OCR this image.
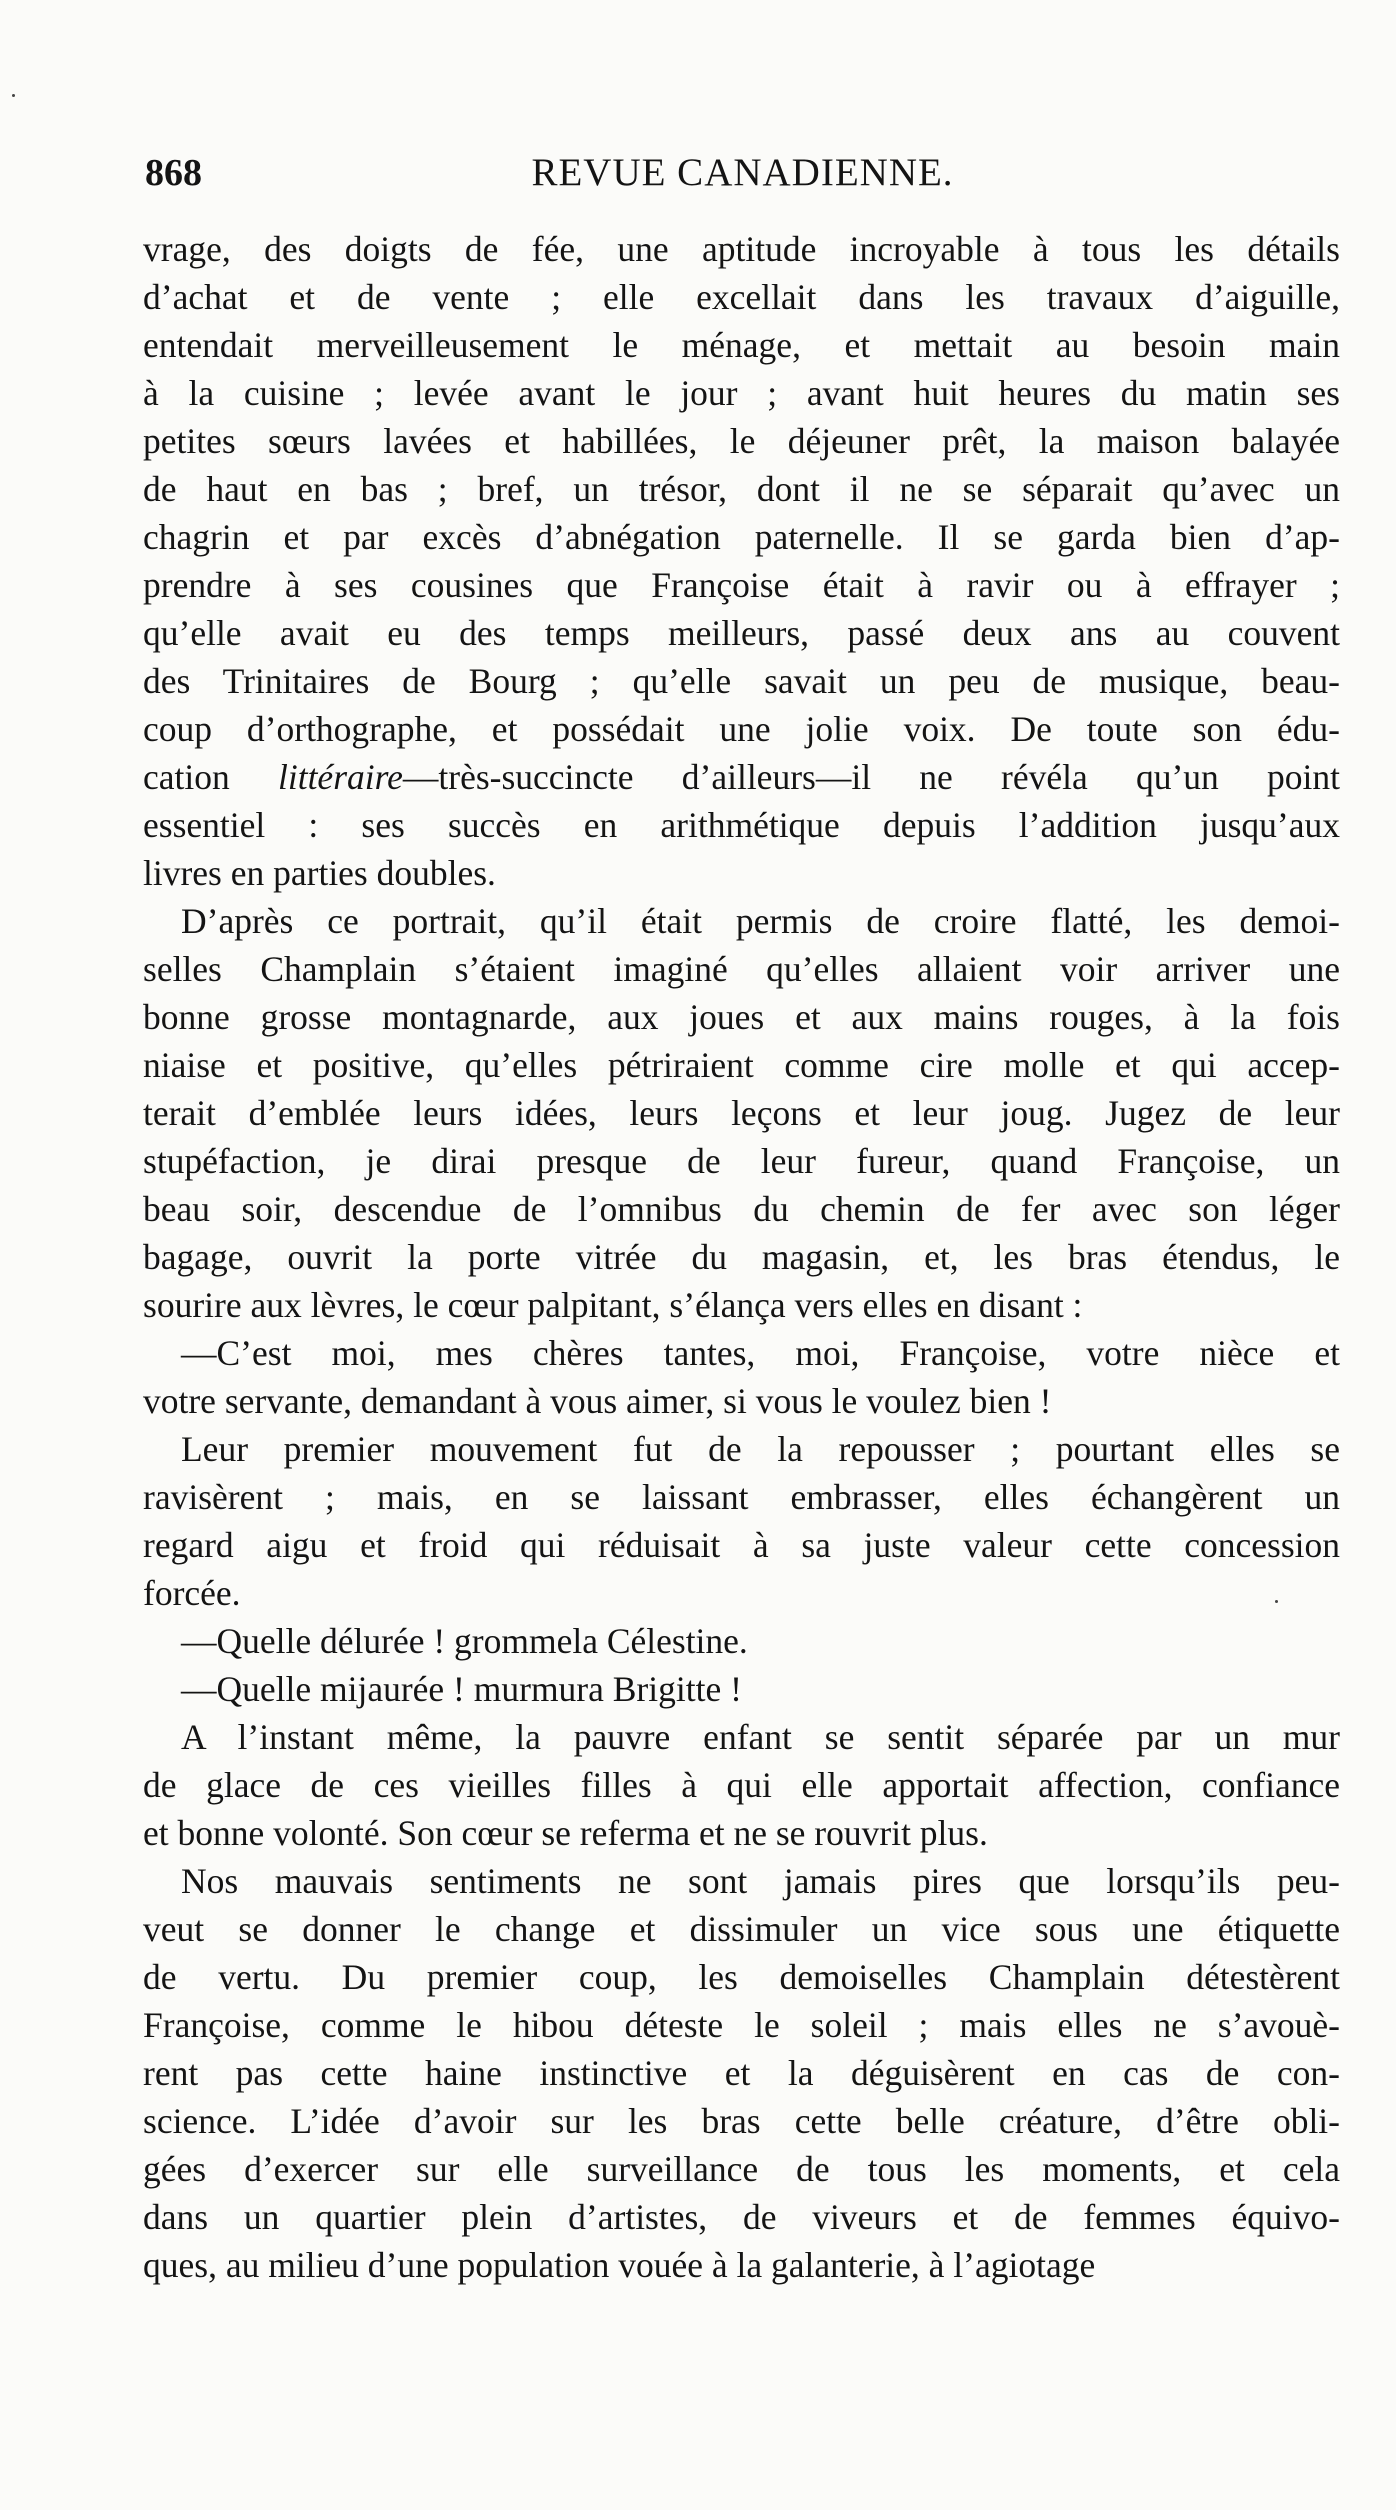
868	REVUE CANADIENNE.
vrage, des doigts de fée, une aptitude incroyable à tous les détails
d’achat et de vente ; elle excellait dans les travaux d’aiguille,
entendait merveilleusement le ménage, et mettait au besoin main
à la cuisine ; levée avant le jour ; avant huit heures du matin ses
petites sœurs lavées et habillées, le déjeuner prêt, la maison balayée
de haut en bas ; bref, un trésor, dont il ne se séparait qu’avec un
chagrin et par excès d’abnégation paternelle. Il se garda bien d’ap-
prendre à ses cousines que Françoise était à ravir ou à effrayer ;
qu’elle avait eu des temps meilleurs, passé deux ans au couvent
des Trinitaires de Bourg ; qu’elle savait un peu de musique, beau-
coup d’orthographe, et possédait une jolie voix. De toute son édu-
cation littéraire—très-succincte d’ailleurs—il ne révéla qu’un point
essentiel : ses succès en arithmétique depuis l’addition jusqu’aux
livres en parties doubles.
D’après ce portrait, qu’il était permis de croire flatté, les demoi-
selles Champlain s’étaient imaginé qu’elles allaient voir arriver une
bonne grosse montagnarde, aux joues et aux mains rouges, à la fois
niaise et positive, qu’elles pétriraient comme cire molle et qui accep-
terait d’emblée leurs idées, leurs leçons et leur joug. Jugez de leur
stupéfaction, je dirai presque de leur fureur, quand Françoise, un
beau soir, descendue de l’omnibus du chemin de fer avec son léger
bagage, ouvrit la porte vitrée du magasin, et, les bras étendus, le
sourire aux lèvres, le cœur palpitant, s’élança vers elles en disant :
—C’est moi, mes chères tantes, moi, Françoise, votre nièce et
votre servante, demandant à vous aimer, si vous le voulez bien !
Leur premier mouvement fut de la repousser ; pourtant elles se
ravisèrent ; mais, en se laissant embrasser, elles échangèrent un
regard aigu et froid qui réduisait à sa juste valeur cette concession
forcée.
—Quelle délurée ! grommela Célestine.
—Quelle mijaurée ! murmura Brigitte !
A l’instant même, la pauvre enfant se sentit séparée par un mur
de glace de ces vieilles filles à qui elle apportait affection, confiance
et bonne volonté. Son cœur se referma et ne se rouvrit plus.
Nos mauvais sentiments ne sont jamais pires que lorsqu’ils peu-
veut se donner le change et dissimuler un vice sous une étiquette
de vertu. Du premier coup, les demoiselles Champlain détestèrent
Françoise, comme le hibou déteste le soleil ; mais elles ne s’avouè-
rent pas cette haine instinctive et la déguisèrent en cas de con-
science. L’idée d’avoir sur les bras cette belle créature, d’être obli-
gées d’exercer sur elle surveillance de tous les moments, et cela
dans un quartier plein d’artistes, de viveurs et de femmes équivo-
ques, au milieu d’une population vouée à la galanterie, à l’agiotage
